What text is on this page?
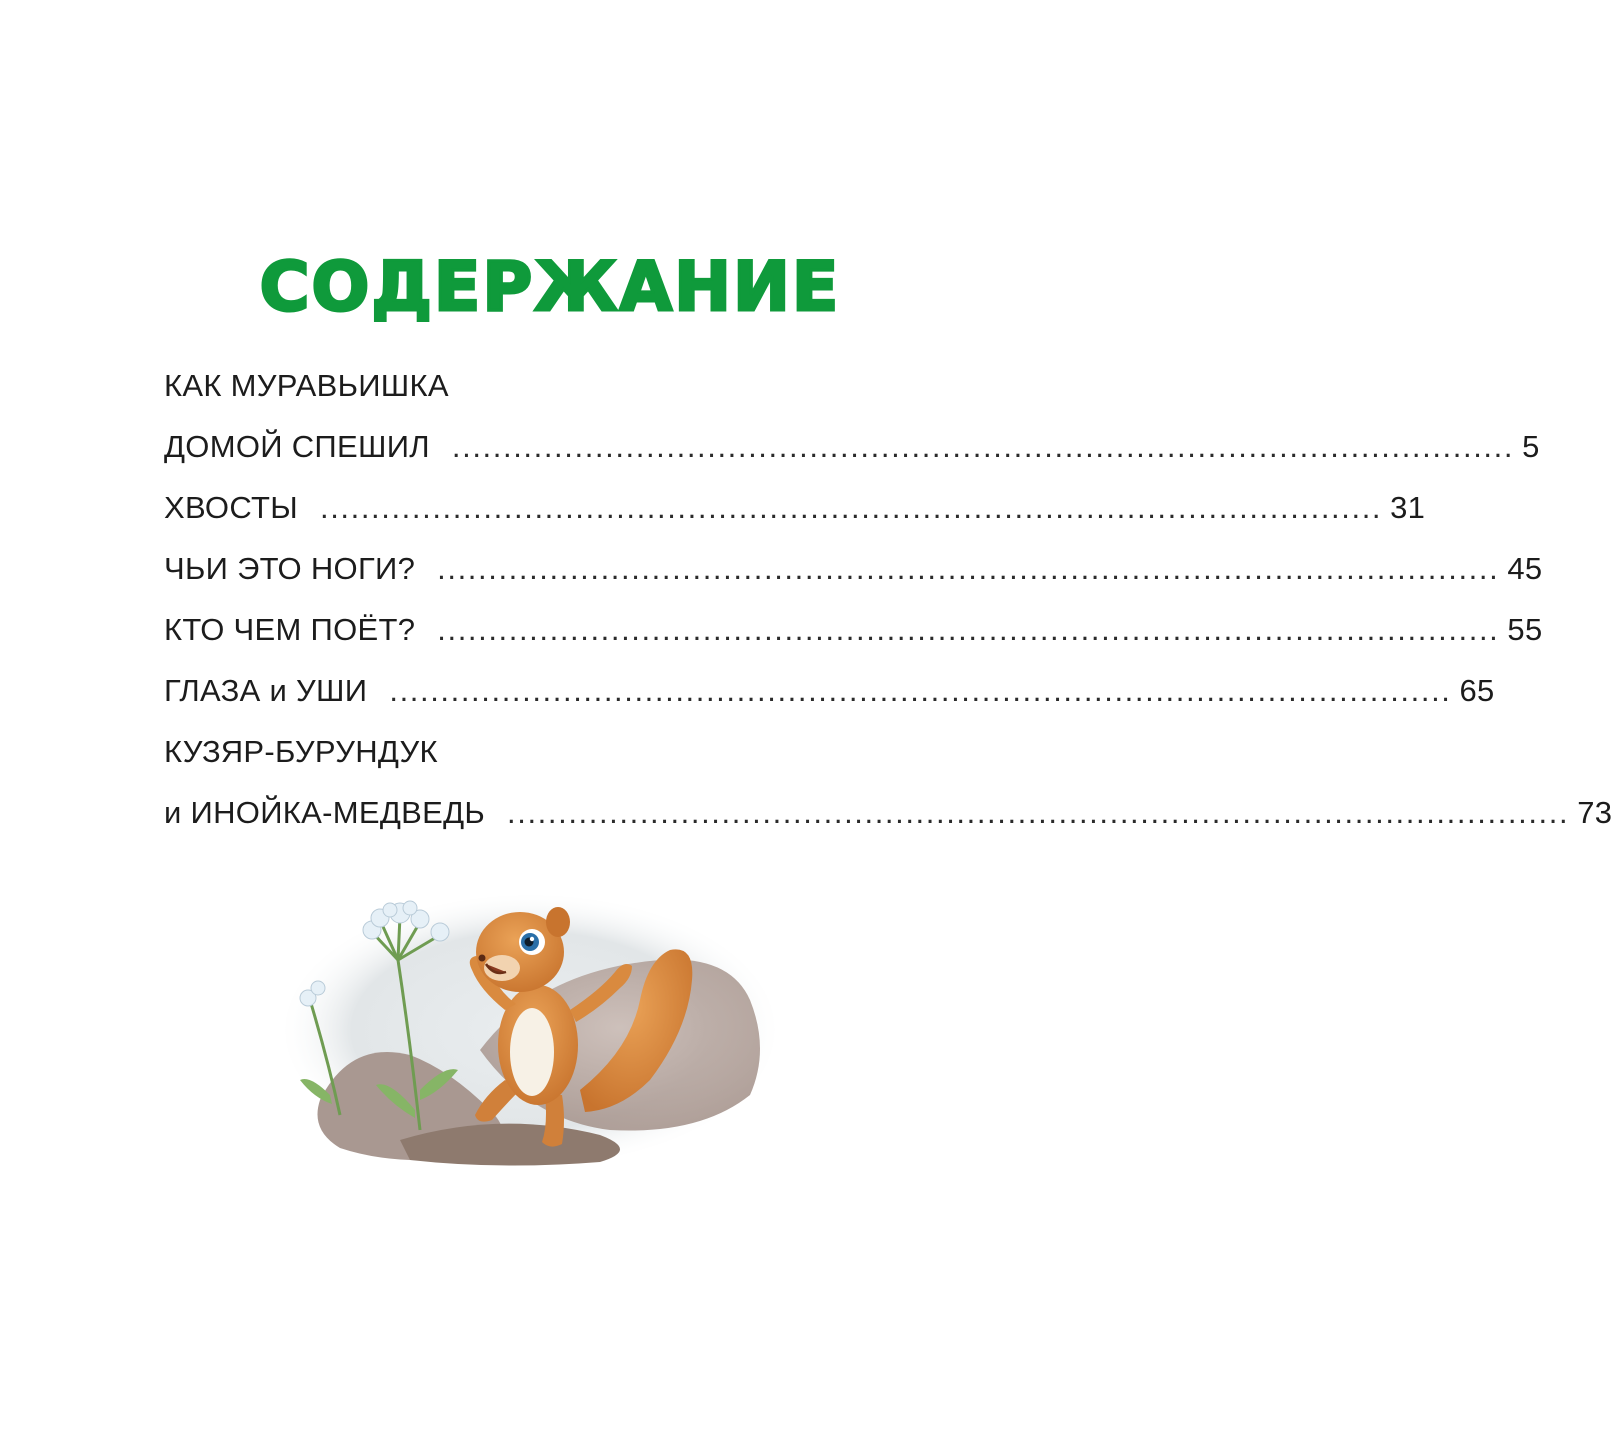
СОДЕРЖАНИЕ
КАК МУРАВЬИШКА
ДОМОЙ СПЕШИЛ ........................................................................................................ 5
ХВОСТЫ ........................................................................................................ 31
ЧЬИ ЭТО НОГИ? ........................................................................................................ 45
КТО ЧЕМ ПОЁТ? ........................................................................................................ 55
ГЛАЗА и УШИ ........................................................................................................ 65
КУЗЯР-БУРУНДУК
и ИНОЙКА-МЕДВЕДЬ ........................................................................................................ 73
